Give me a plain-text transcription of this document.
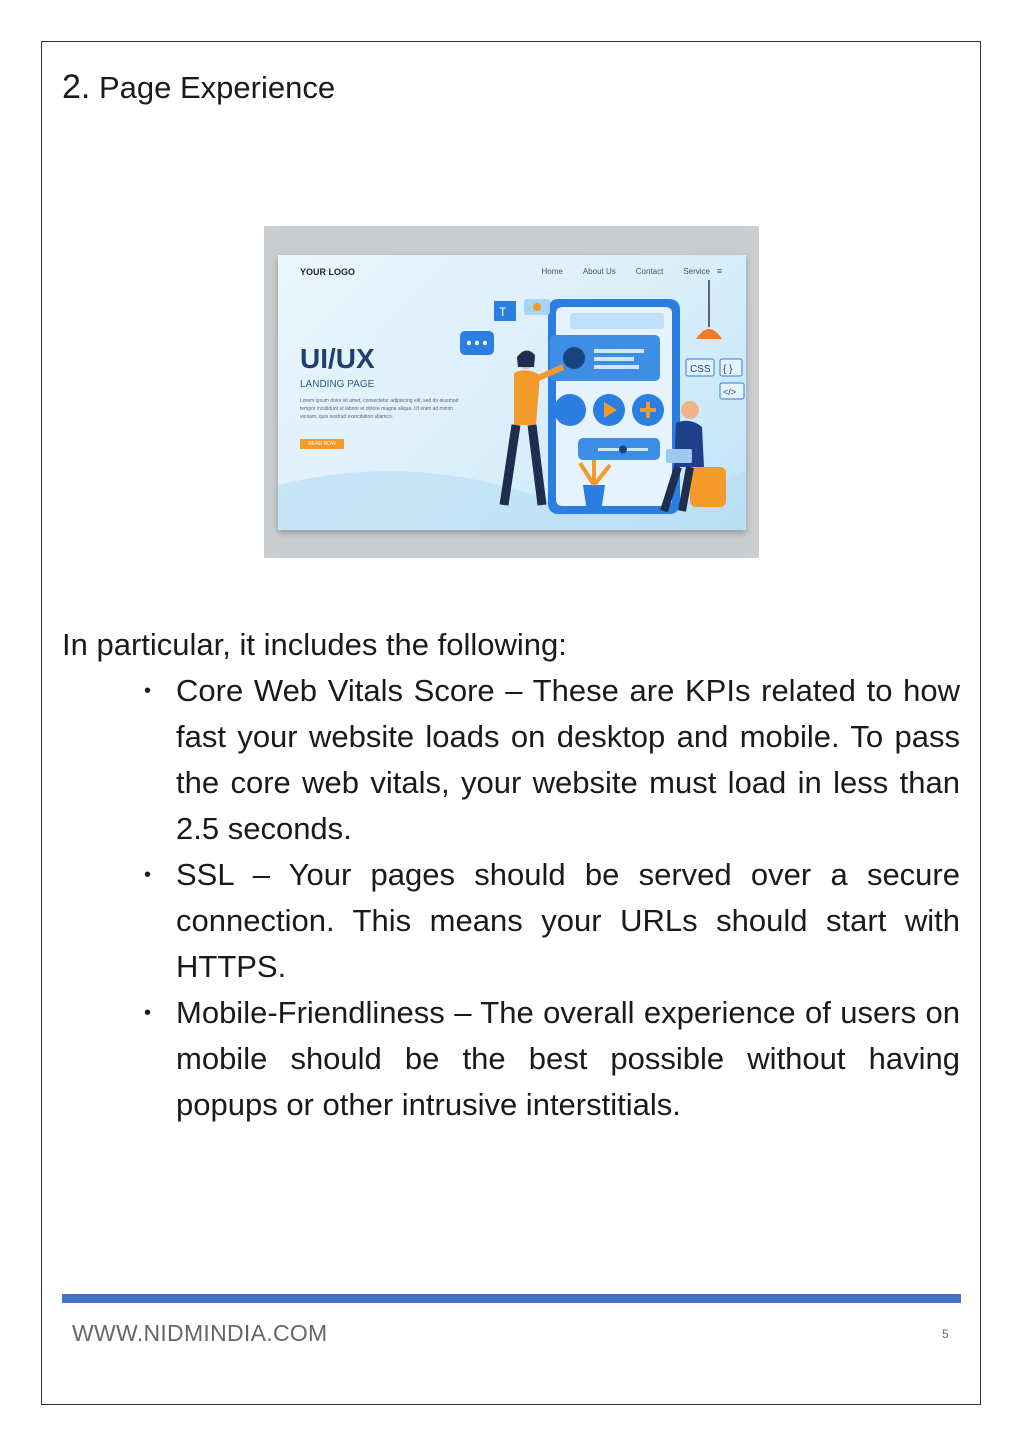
2. Page Experience
YOUR LOGO	Home	About Us	Contact	Service ≡
UI/UX
LANDING PAGE
Lorem ipsum dolor sit amet, consectetur adipiscing elit, sed do eiusmod tempor incididunt ut labore et dolore magna aliqua. Ut enim ad minim veniam, quis nostrud exercitation ullamco.
READ NOW
T
CSS { }
</>
In particular, it includes the following:
• Core Web Vitals Score – These are KPIs related to how fast your website loads on desktop and mobile. To pass the core web vitals, your website must load in less than 2.5 seconds.
• SSL – Your pages should be served over a secure connection. This means your URLs should start with HTTPS.
• Mobile-Friendliness – The overall experience of users on mobile should be the best possible without having popups or other intrusive interstitials.
WWW.NIDMINDIA.COM	5
